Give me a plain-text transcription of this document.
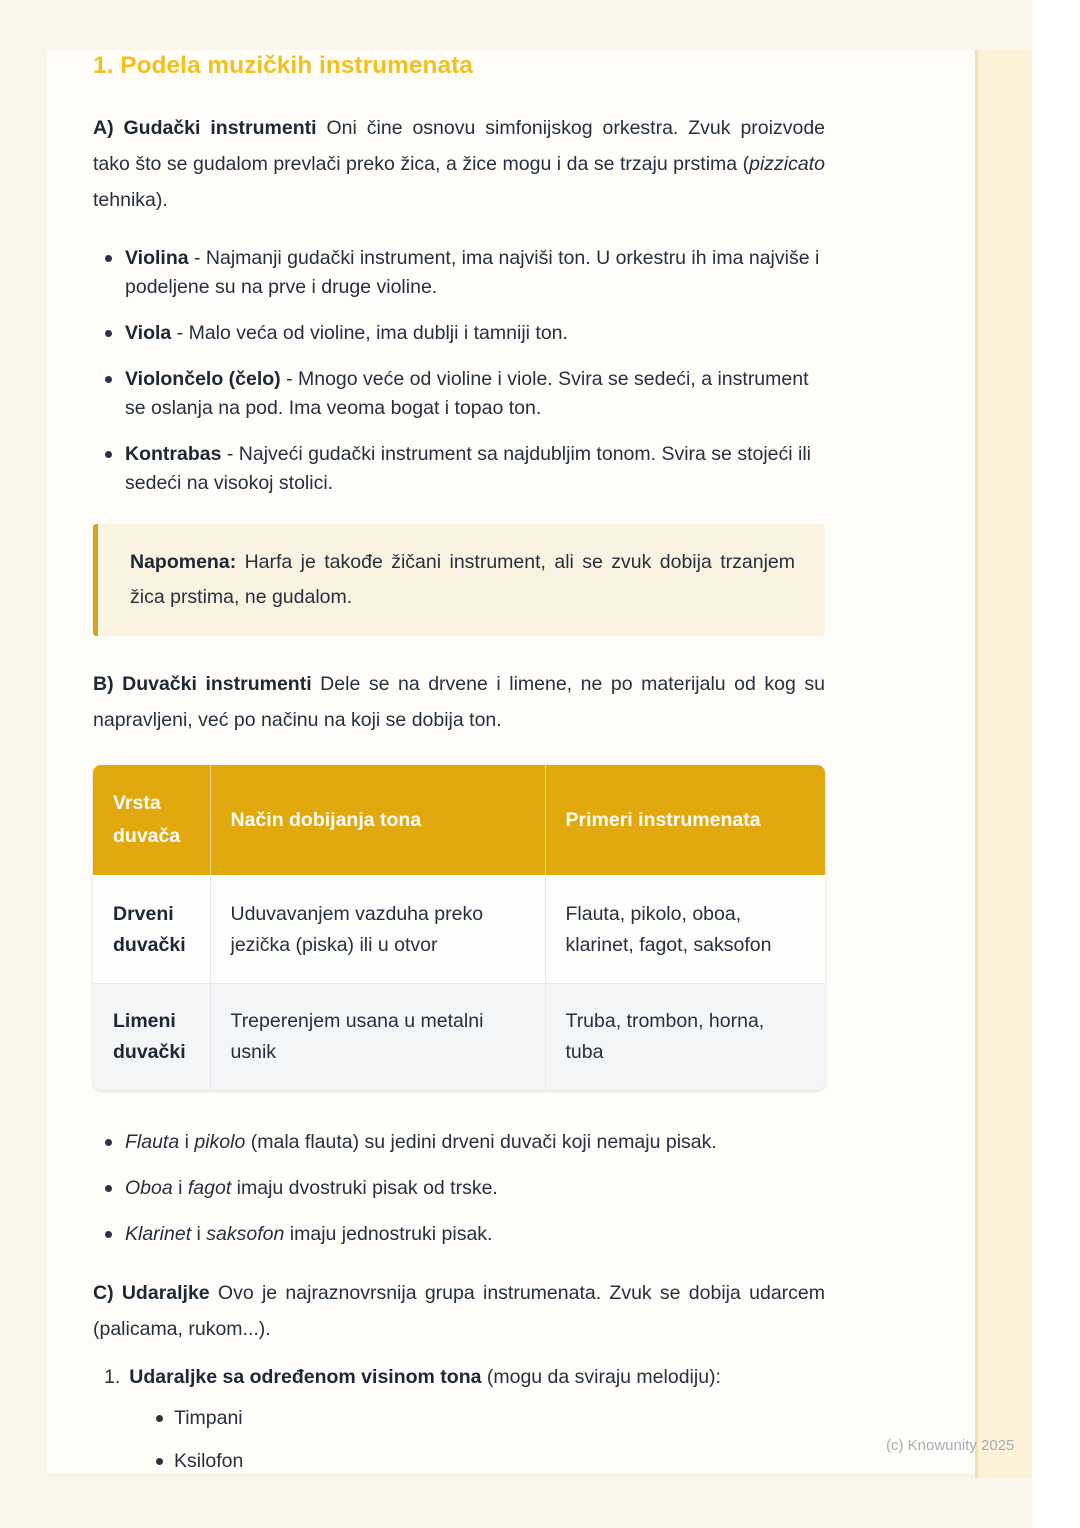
1. Podela muzičkih instrumenata

A) Gudački instrumenti Oni čine osnovu simfonijskog orkestra. Zvuk proizvode tako što se gudalom prevlači preko žica, a žice mogu i da se trzaju prstima (pizzicato tehnika).

Violina - Najmanji gudački instrument, ima najviši ton. U orkestru ih ima najviše i podeljene su na prve i druge violine.
Viola - Malo veća od violine, ima dublji i tamniji ton.
Violončelo (čelo) - Mnogo veće od violine i viole. Svira se sedeći, a instrument se oslanja na pod. Ima veoma bogat i topao ton.
Kontrabas - Najveći gudački instrument sa najdubljim tonom. Svira se stojeći ili sedeći na visokoj stolici.
Napomena: Harfa je takođe žičani instrument, ali se zvuk dobija trzanjem žica prstima, ne gudalom.

B) Duvački instrumenti Dele se na drvene i limene, ne po materijalu od kog su napravljeni, već po načinu na koji se dobija ton.

Vrsta duvača	Način dobijanja tona	Primeri instrumenata
Drveni duvački	Uduvavanjem vazduha preko jezička (piska) ili u otvor	Flauta, pikolo, oboa, klarinet, fagot, saksofon
Limeni duvački	Treperenjem usana u metalni usnik	Truba, trombon, horna, tuba
Flauta i pikolo (mala flauta) su jedini drveni duvači koji nemaju pisak.
Oboa i fagot imaju dvostruki pisak od trske.
Klarinet i saksofon imaju jednostruki pisak.

C) Udaraljke Ovo je najraznovrsnija grupa instrumenata. Zvuk se dobija udarcem (palicama, rukom...).

1. Udaraljke sa određenom visinom tona (mogu da sviraju melodiju):
Timpani
Ksilofon
(c) Knowunity 2025
